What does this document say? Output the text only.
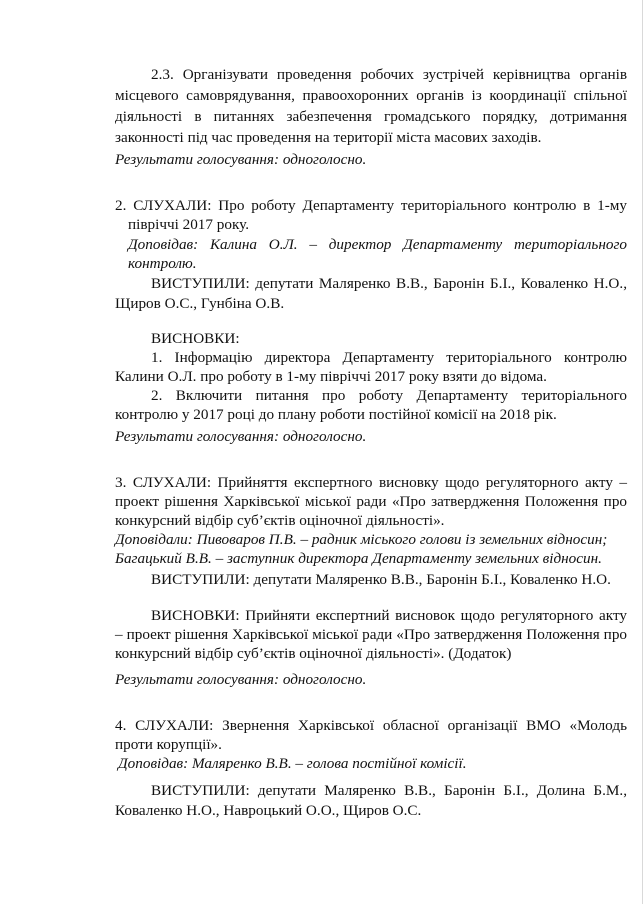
2.3. Організувати проведення робочих зустрічей керівництва органів

місцевого самоврядування, правоохоронних органів із координації спільної

діяльності в питаннях забезпечення громадського порядку, дотримання

законності під час проведення на території міста масових заходів.

Результати голосування: одноголосно.

2. СЛУХАЛИ: Про роботу Департаменту територіального контролю в 1-му

півріччі 2017 року.

Доповідав: Калина О.Л. – директор Департаменту територіального

контролю.

ВИСТУПИЛИ: депутати Маляренко В.В., Баронін Б.І., Коваленко Н.О.,

Щиров О.С., Гунбіна О.В.

ВИСНОВКИ:

1. Інформацію директора Департаменту територіального контролю

Калини О.Л. про роботу в 1-му півріччі 2017 року взяти до відома.

2. Включити питання про роботу Департаменту територіального

контролю у 2017 році до плану роботи постійної комісії на 2018 рік.

Результати голосування: одноголосно.

3. СЛУХАЛИ: Прийняття експертного висновку щодо регуляторного акту –

проект рішення Харківської міської ради «Про затвердження Положення про

конкурсний відбір суб’єктів оціночної діяльності».

Доповідали: Пивоваров П.В. – радник міського голови із земельних відносин;

Багацький В.В. – заступник директора Департаменту земельних відносин.

ВИСТУПИЛИ: депутати Маляренко В.В., Баронін Б.І., Коваленко Н.О.

ВИСНОВКИ: Прийняти експертний висновок щодо регуляторного акту

– проект рішення Харківської міської ради «Про затвердження Положення про

конкурсний відбір суб’єктів оціночної діяльності». (Додаток)

Результати голосування: одноголосно.

4. СЛУХАЛИ: Звернення Харківської обласної організації ВМО «Молодь

проти корупції».

Доповідав: Маляренко В.В. – голова постійної комісії.

ВИСТУПИЛИ: депутати Маляренко В.В., Баронін Б.І., Долина Б.М.,

Коваленко Н.О., Навроцький О.О., Щиров О.С.
